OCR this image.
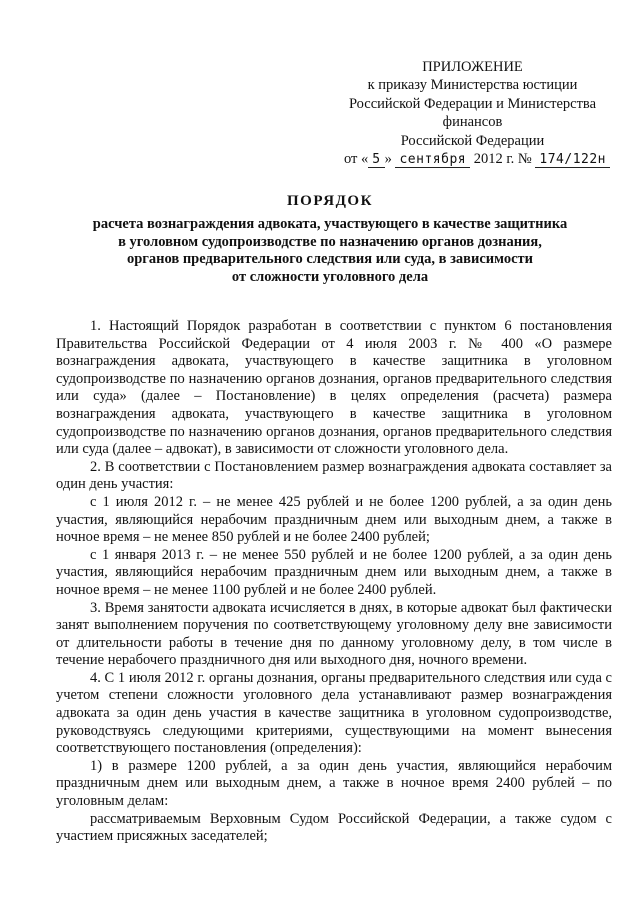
ПРИЛОЖЕНИЕ
к приказу Министерства юстиции
Российской Федерации и Министерства
финансов
Российской Федерации
от « 5 » сентября 2012 г. № 174/122н
ПОРЯДОК
расчета вознаграждения адвоката, участвующего в качестве защитника
в уголовном судопроизводстве по назначению органов дознания,
органов предварительного следствия или суда, в зависимости
от сложности уголовного дела

1. Настоящий Порядок разработан в соответствии с пунктом 6 постановления Правительства Российской Федерации от 4 июля 2003 г. № 400 «О размере вознаграждения адвоката, участвующего в качестве защитника в уголовном судопроизводстве по назначению органов дознания, органов предварительного следствия или суда» (далее – Постановление) в целях определения (расчета) размера вознаграждения адвоката, участвующего в качестве защитника в уголовном судопроизводстве по назначению органов дознания, органов предварительного следствия или суда (далее – адвокат), в зависимости от сложности уголовного дела.

2. В соответствии с Постановлением размер вознаграждения адвоката составляет за один день участия:

с 1 июля 2012 г. – не менее 425 рублей и не более 1200 рублей, а за один день участия, являющийся нерабочим праздничным днем или выходным днем, а также в ночное время – не менее 850 рублей и не более 2400 рублей;

с 1 января 2013 г. – не менее 550 рублей и не более 1200 рублей, а за один день участия, являющийся нерабочим праздничным днем или выходным днем, а также в ночное время – не менее 1100 рублей и не более 2400 рублей.

3. Время занятости адвоката исчисляется в днях, в которые адвокат был фактически занят выполнением поручения по соответствующему уголовному делу вне зависимости от длительности работы в течение дня по данному уголовному делу, в том числе в течение нерабочего праздничного дня или выходного дня, ночного времени.

4. С 1 июля 2012 г. органы дознания, органы предварительного следствия или суда с учетом степени сложности уголовного дела устанавливают размер вознаграждения адвоката за один день участия в качестве защитника в уголовном судопроизводстве, руководствуясь следующими критериями, существующими на момент вынесения соответствующего постановления (определения):

1) в размере 1200 рублей, а за один день участия, являющийся нерабочим праздничным днем или выходным днем, а также в ночное время 2400 рублей – по уголовным делам:

рассматриваемым Верховным Судом Российской Федерации, а также судом с участием присяжных заседателей;
